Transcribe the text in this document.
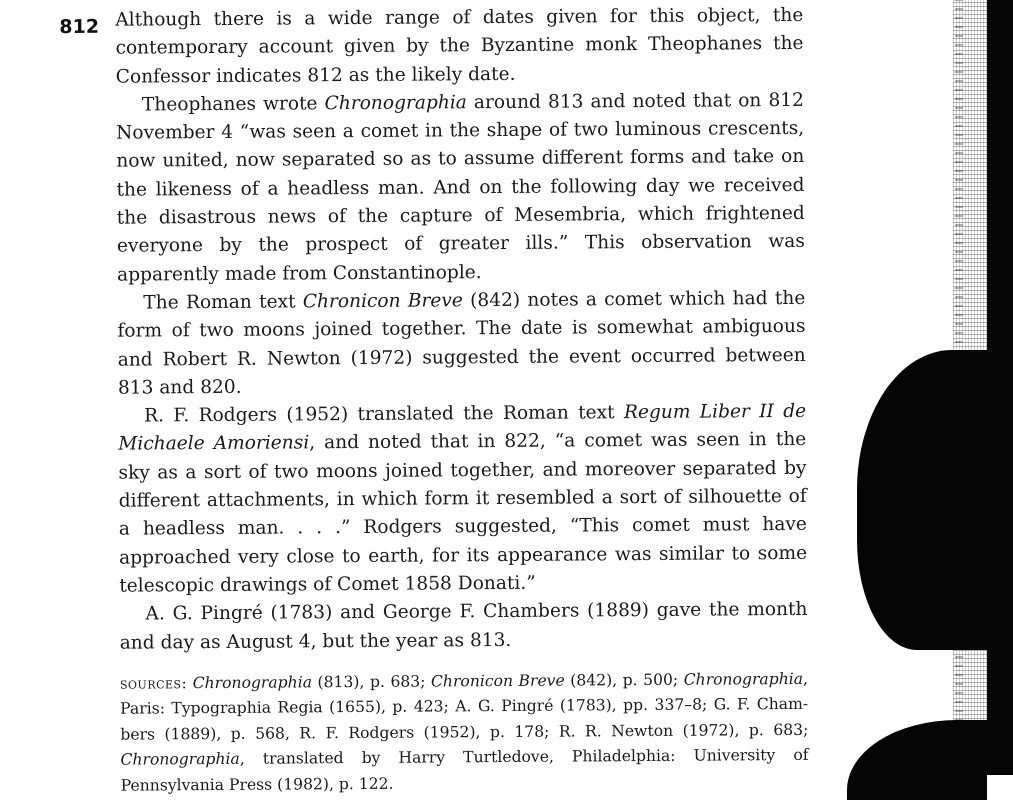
812 Although there is a wide range of dates given for this object, the contemporary account given by the Byzantine monk Theophanes the Confessor indicates 812 as the likely date.

Theophanes wrote Chronographia around 813 and noted that on 812 November 4 “was seen a comet in the shape of two luminous crescents, now united, now separated so as to assume different forms and take on the likeness of a headless man. And on the following day we received the disastrous news of the capture of Mesembria, which frightened everyone by the prospect of greater ills.” This observation was apparently made from Constantinople.

The Roman text Chronicon Breve (842) notes a comet which had the form of two moons joined together. The date is somewhat ambiguous and Robert R. Newton (1972) suggested the event occurred between 813 and 820.

R. F. Rodgers (1952) translated the Roman text Regum Liber II de Michaele Amoriensi, and noted that in 822, “a comet was seen in the sky as a sort of two moons joined together, and moreover separated by different attachments, in which form it resembled a sort of silhouette of a headless man. . . .” Rodgers suggested, “This comet must have approached very close to earth, for its appearance was similar to some telescopic drawings of Comet 1858 Donati.”

A. G. Pingré (1783) and George F. Chambers (1889) gave the month and day as August 4, but the year as 813.

sources: Chronographia (813), p. 683; Chronicon Breve (842), p. 500; Chronographia, Paris: Typographia Regia (1655), p. 423; A. G. Pingré (1783), pp. 337–8; G. F. Chambers (1889), p. 568, R. F. Rodgers (1952), p. 178; R. R. Newton (1972), p. 683; Chronographia, translated by Harry Turtledove, Philadelphia: University of Pennsylvania Press (1982), p. 122.
